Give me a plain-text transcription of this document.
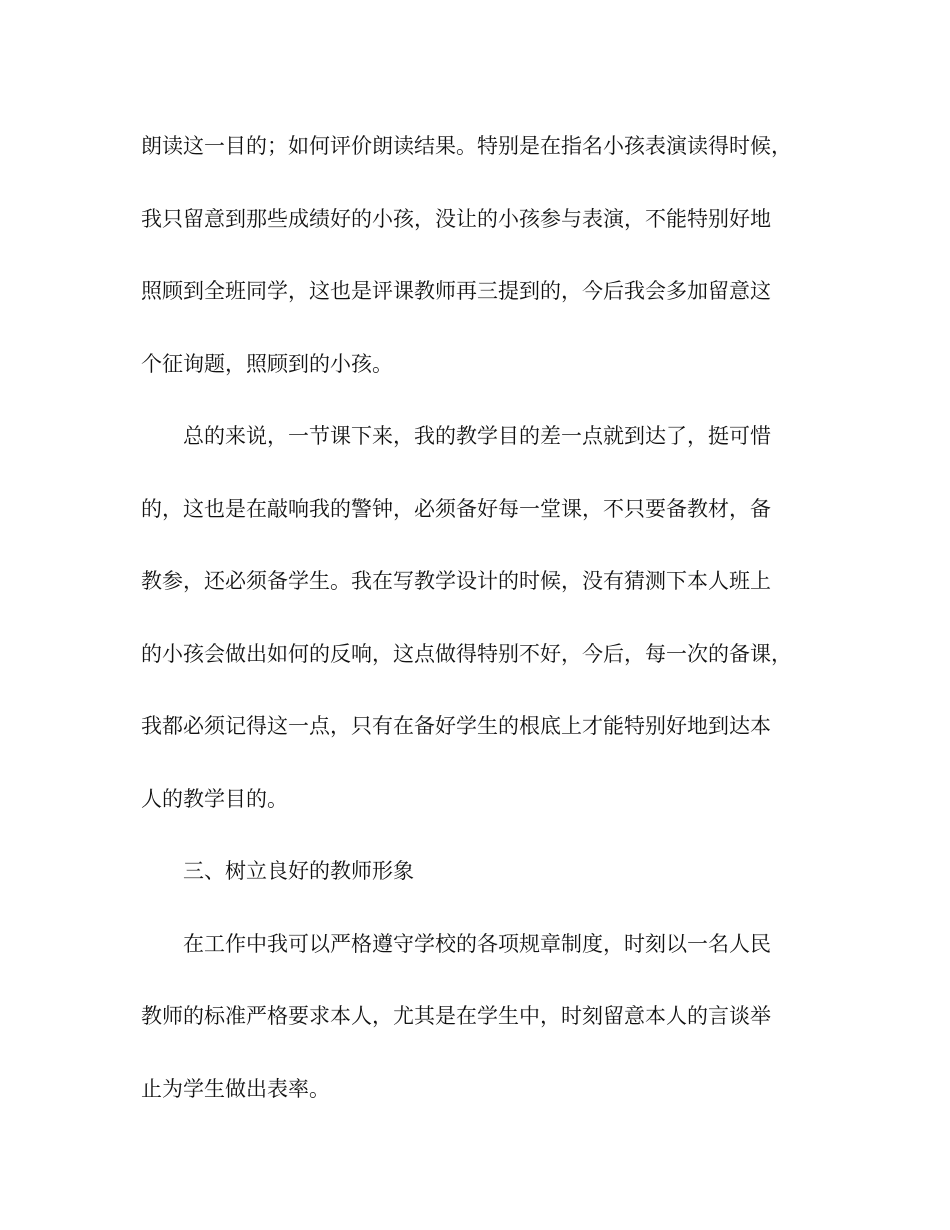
朗读这一目的；如何评价朗读结果。特别是在指名小孩表演读得时候，
我只留意到那些成绩好的小孩，没让的小孩参与表演，不能特别好地
照顾到全班同学，这也是评课教师再三提到的，今后我会多加留意这
个征询题，照顾到的小孩。
总的来说，一节课下来，我的教学目的差一点就到达了，挺可惜
的，这也是在敲响我的警钟，必须备好每一堂课，不只要备教材，备
教参，还必须备学生。我在写教学设计的时候，没有猜测下本人班上
的小孩会做出如何的反响，这点做得特别不好，今后，每一次的备课，
我都必须记得这一点，只有在备好学生的根底上才能特别好地到达本
人的教学目的。
三、树立良好的教师形象
在工作中我可以严格遵守学校的各项规章制度，时刻以一名人民
教师的标准严格要求本人，尤其是在学生中，时刻留意本人的言谈举
止为学生做出表率。
